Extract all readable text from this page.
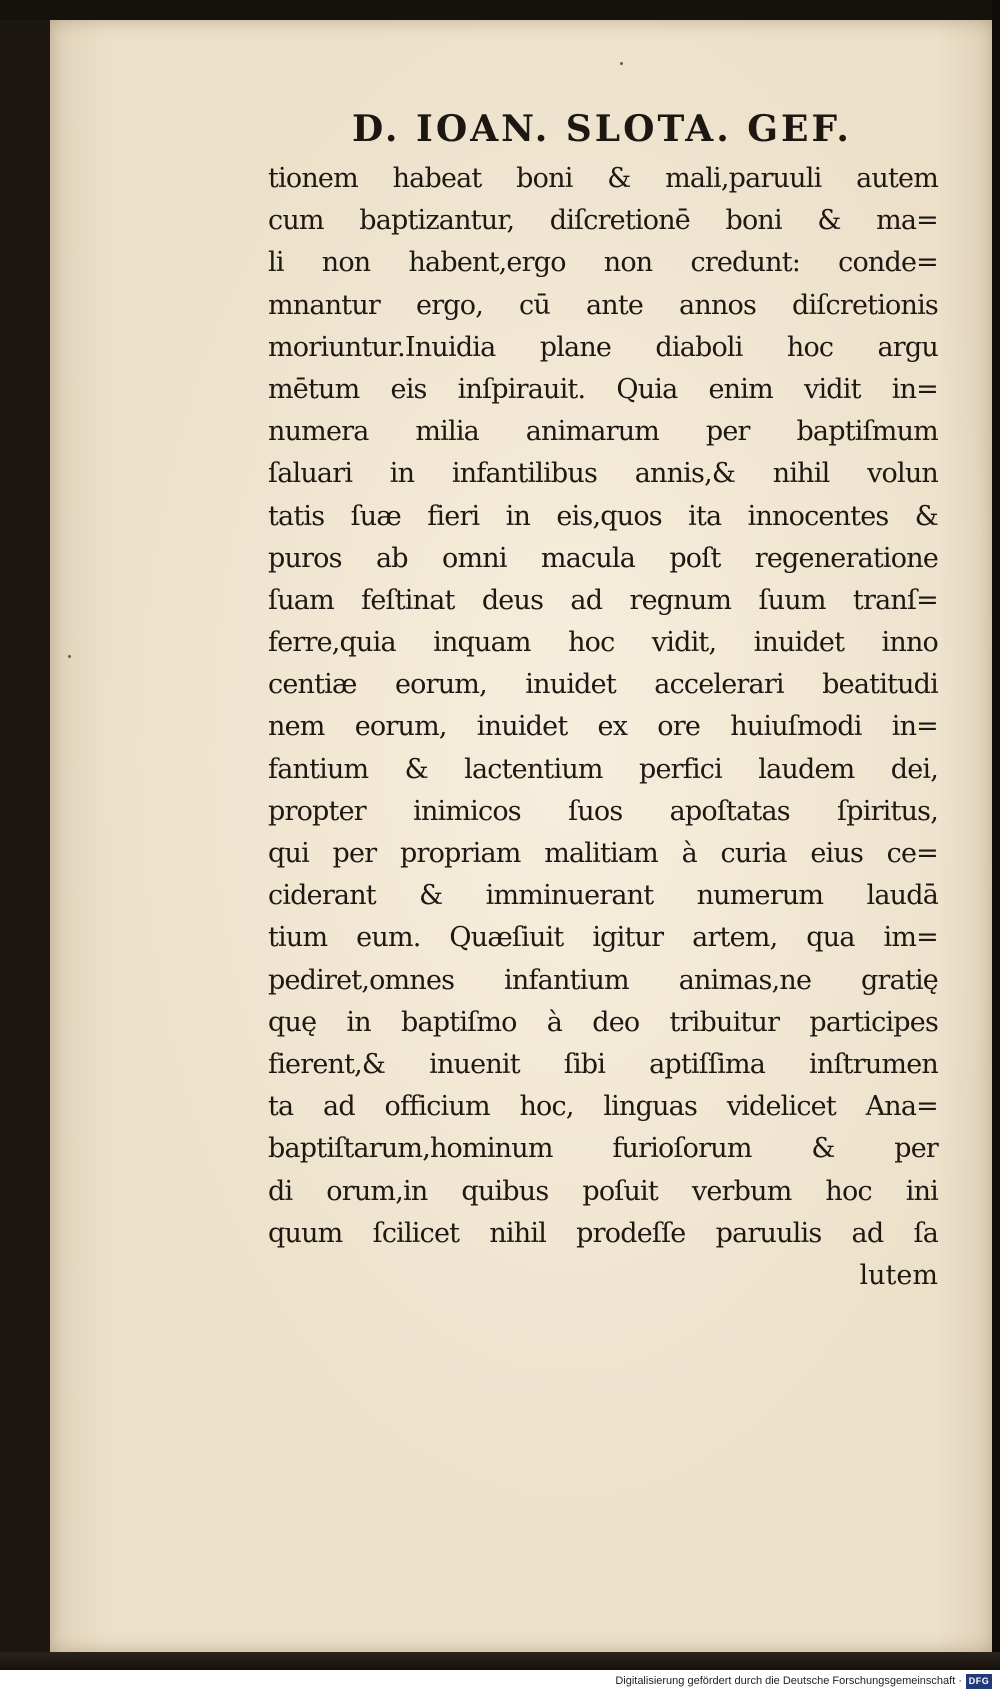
D. IOAN. SLOTA. GEF.
tionem habeat boni & mali,paruuli autem
cum baptizantur, diſcretionē boni & ma=
li non habent,ergo non credunt: conde=
mnantur ergo, cū ante annos diſcretionis
moriuntur.Inuidia plane diaboli hoc argu
mētum eis inſpirauit. Quia enim vidit in=
numera milia animarum per baptiſmum
ſaluari in infantilibus annis,& nihil volun
tatis ſuæ fieri in eis,quos ita innocentes &
puros ab omni macula poſt regeneratione
ſuam feſtinat deus ad regnum ſuum tranſ=
ferre,quia inquam hoc vidit, inuidet inno
centiæ eorum, inuidet accelerari beatitudi
nem eorum, inuidet ex ore huiuſmodi in=
fantium & lactentium perfici laudem dei,
propter inimicos ſuos apoſtatas ſpiritus,
qui per propriam malitiam à curia eius ce=
ciderant & imminuerant numerum laudā
tium eum. Quæſiuit igitur artem, qua im=
pediret,omnes infantium animas,ne gratię
quę in baptiſmo à deo tribuitur participes
fierent,& inuenit ſibi aptiſſima inſtrumen
ta ad officium hoc, linguas videlicet Ana=
baptiſtarum,hominum furioſorum & per
di orum,in quibus poſuit verbum hoc ini
quum ſcilicet nihil prodeſſe paruulis ad ſa
lutem
Digitalisierung gefördert durch die Deutsche Forschungsgemeinschaft · DFG
